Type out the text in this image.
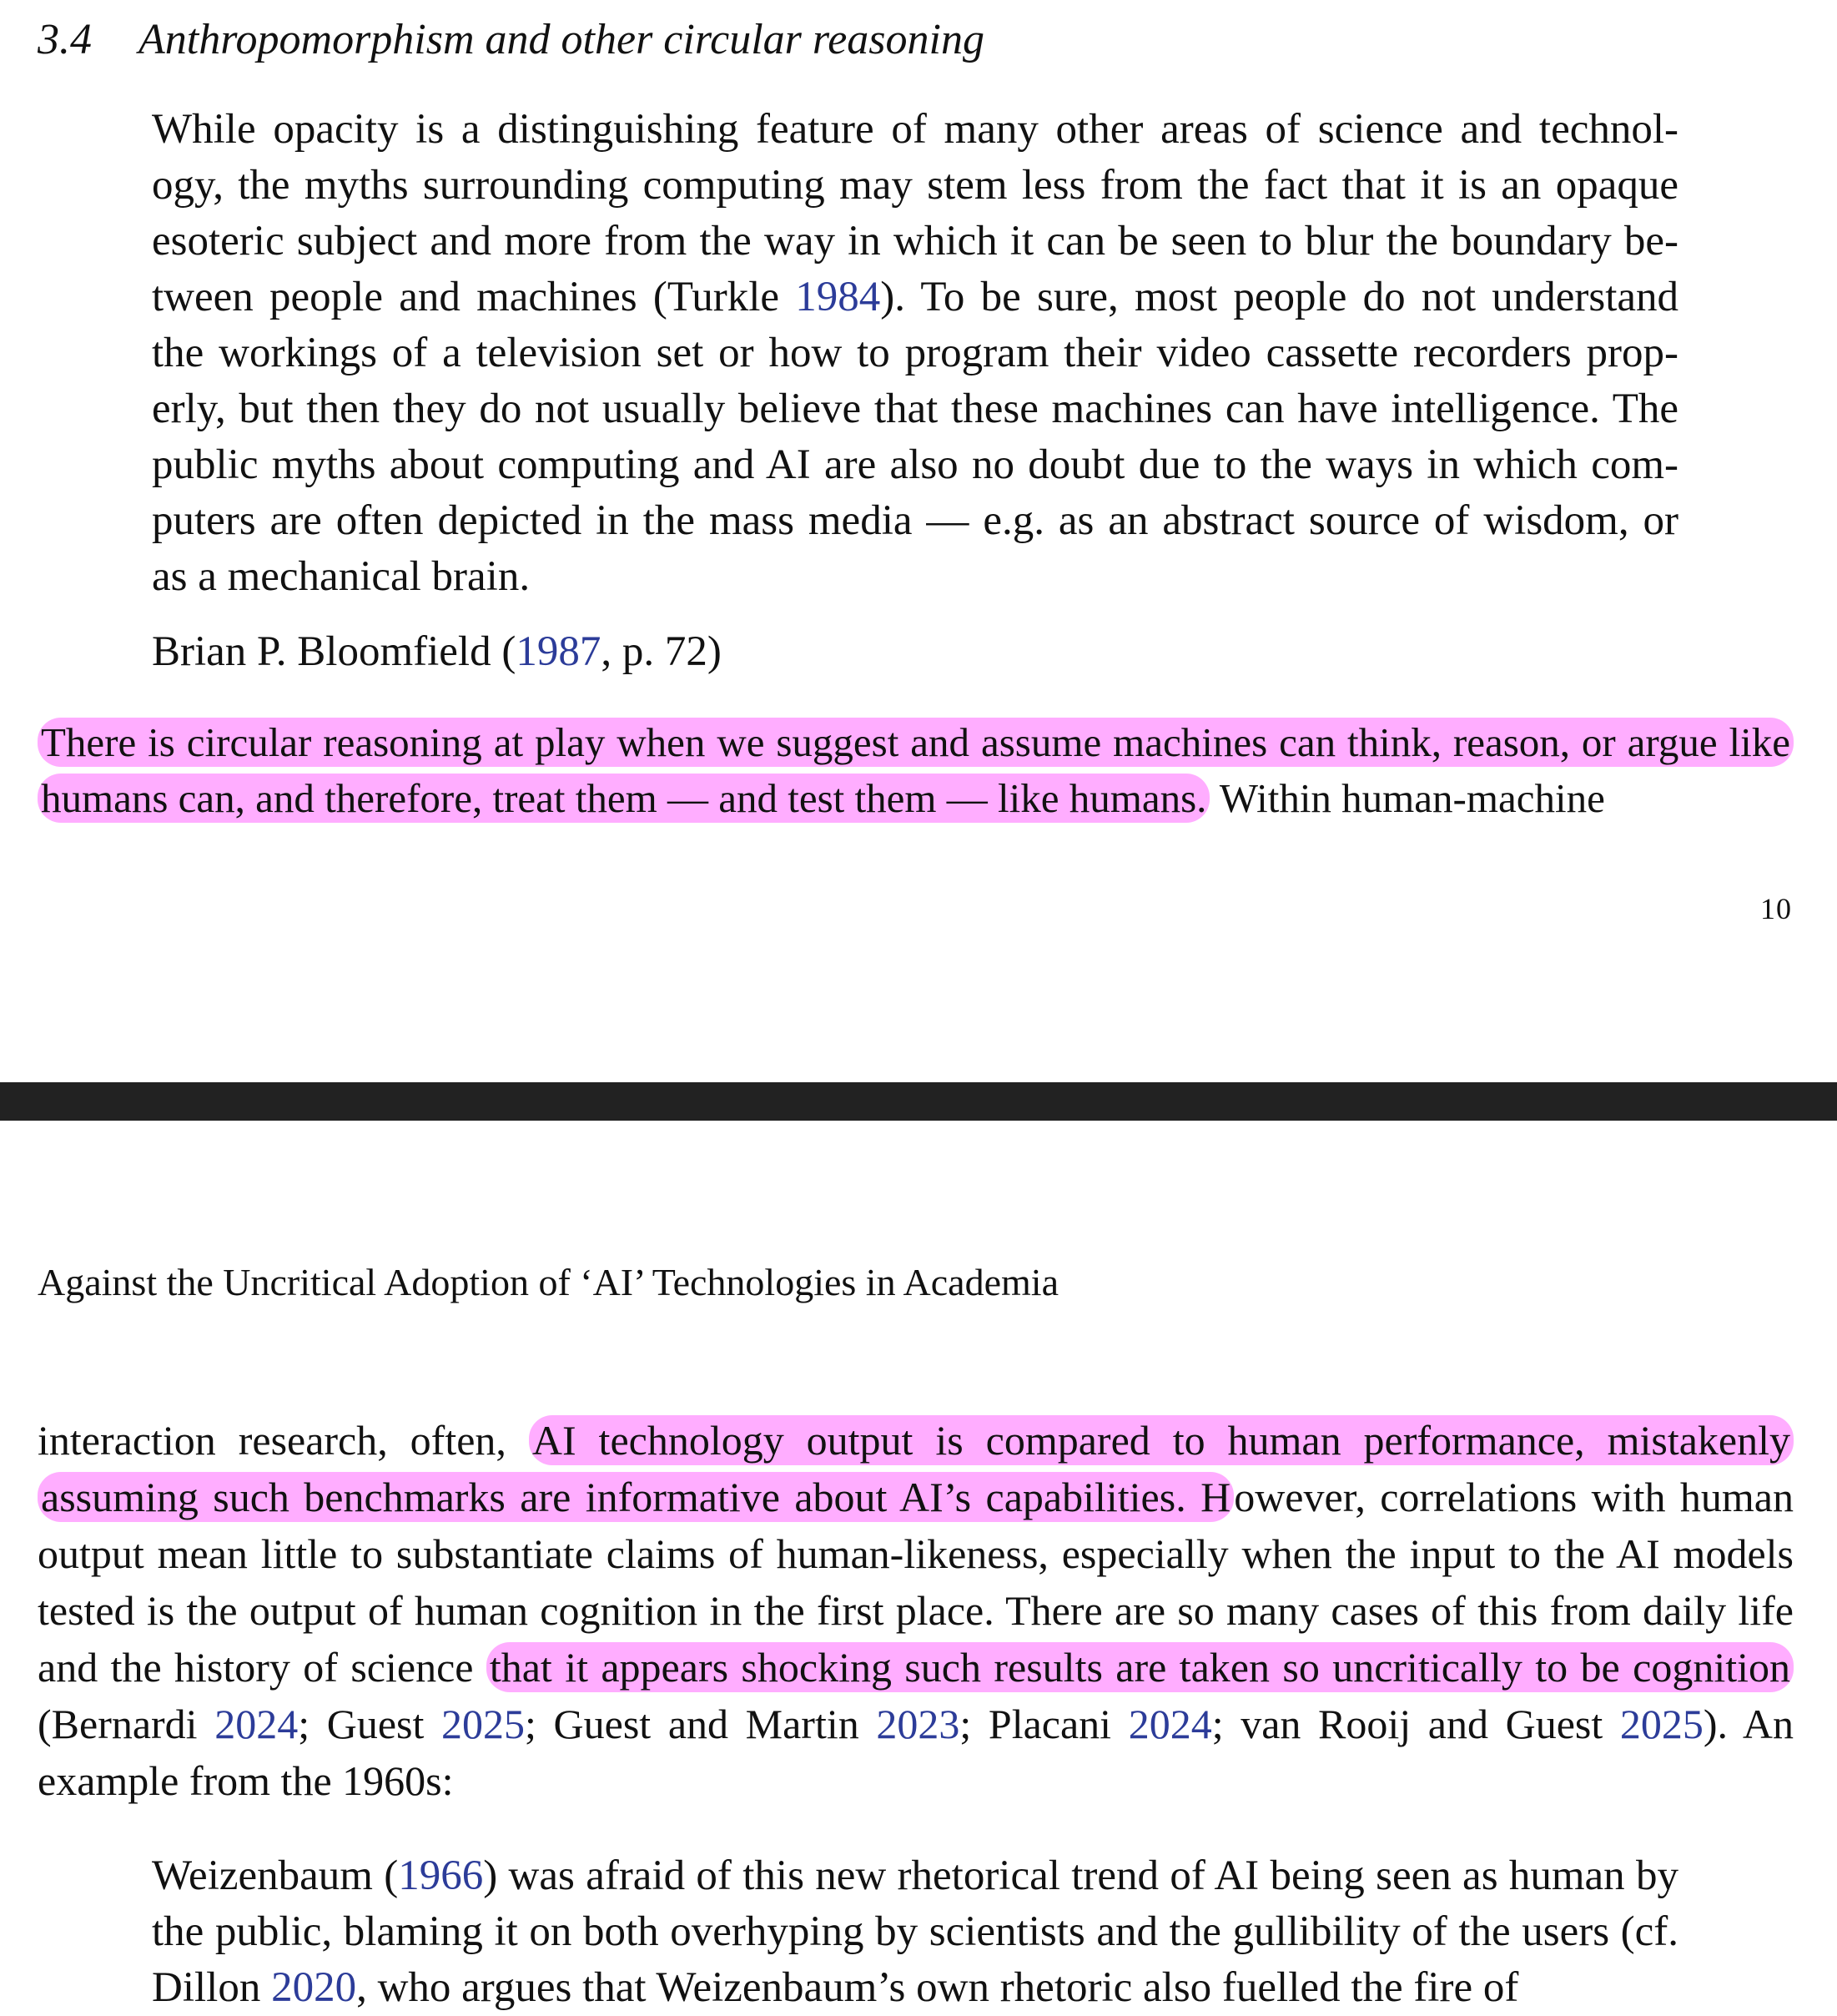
3.4 Anthropomorphism and other circular reasoning

While opacity is a distinguishing feature of many other areas of science and technol-

ogy, the myths surrounding computing may stem less from the fact that it is an opaque

esoteric subject and more from the way in which it can be seen to blur the boundary be-

tween people and machines (Turkle 1984). To be sure, most people do not understand

the workings of a television set or how to program their video cassette recorders prop-

erly, but then they do not usually believe that these machines can have intelligence. The

public myths about computing and AI are also no doubt due to the ways in which com-

puters are often depicted in the mass media — e.g. as an abstract source of wisdom, or

as a mechanical brain.

Brian P. Bloomfield (1987, p. 72)

There is circular reasoning at play when we suggest and assume machines can think, reason, or argue like humans can, and therefore, treat them — and test them — like humans. Within human-machine

10
Against the Uncritical Adoption of ‘AI’ Technologies in Academia

interaction research, often, AI technology output is compared to human performance, mistakenly assuming such benchmarks are informative about AI’s capabilities. However, correlations with human output mean little to substantiate claims of human-likeness, especially when the input to the AI models tested is the output of human cognition in the first place. There are so many cases of this from daily life and the history of science that it appears shocking such results are taken so uncritically to be cognition (Bernardi 2024; Guest 2025; Guest and Martin 2023; Placani 2024; van Rooij and Guest 2025). An example from the 1960s:

Weizenbaum (1966) was afraid of this new rhetorical trend of AI being seen as human by the public, blaming it on both overhyping by scientists and the gullibility of the users (cf. Dillon 2020, who argues that Weizenbaum’s own rhetoric also fuelled the fire of
